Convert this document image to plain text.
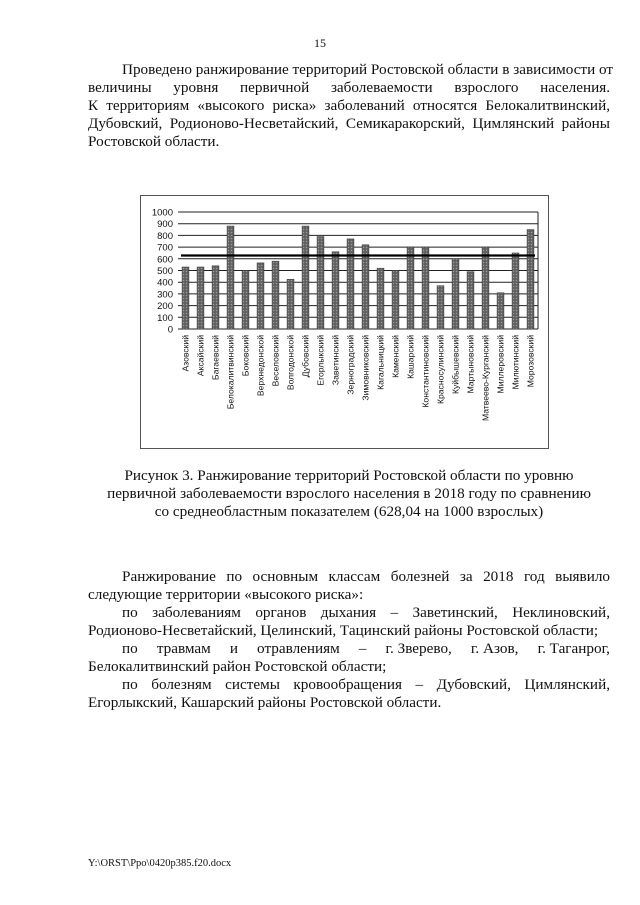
15
Проведено ранжирование территорий Ростовской области в зависимости от
величины уровня первичной заболеваемости взрослого населения.
К территориям «высокого риска» заболеваний относятся Белокалитвинский, Дубовский, Родионово-Несветайский, Семикаракорский, Цимлянский районы Ростовской области.
0
100
200
300
400
500
600
700
800
900
1000
Азовский Аксайский Багаевский Белокалитвинский Боковский Верхнедонской Веселовский Волгодонской Дубовский Егорлыкский Заветинский Зерноградский Зимовниковский Кагальницкий Каменский Кашарский Константиновский Красносулинский Куйбышевский Мартыновский Матвеево-Курганский Миллеровский Милютинский Морозовский
Рисунок 3. Ранжирование территорий Ростовской области по уровню
первичной заболеваемости взрослого населения в 2018 году по сравнению
со среднеобластным показателем (628,04 на 1000 взрослых)
Ранжирование по основным классам болезней за 2018 год выявило
следующие территории «высокого риска»:
по заболеваниям органов дыхания – Заветинский, Неклиновский,
Родионово-Несветайский, Целинский, Тацинский районы Ростовской области;
по травмам и отравлениям – г. Зверево, г. Азов, г. Таганрог,
Белокалитвинский район Ростовской области;
по болезням системы кровообращения – Дубовский, Цимлянский,
Егорлыкский, Кашарский районы Ростовской области.
Y:\ORST\Ppo\0420p385.f20.docx
